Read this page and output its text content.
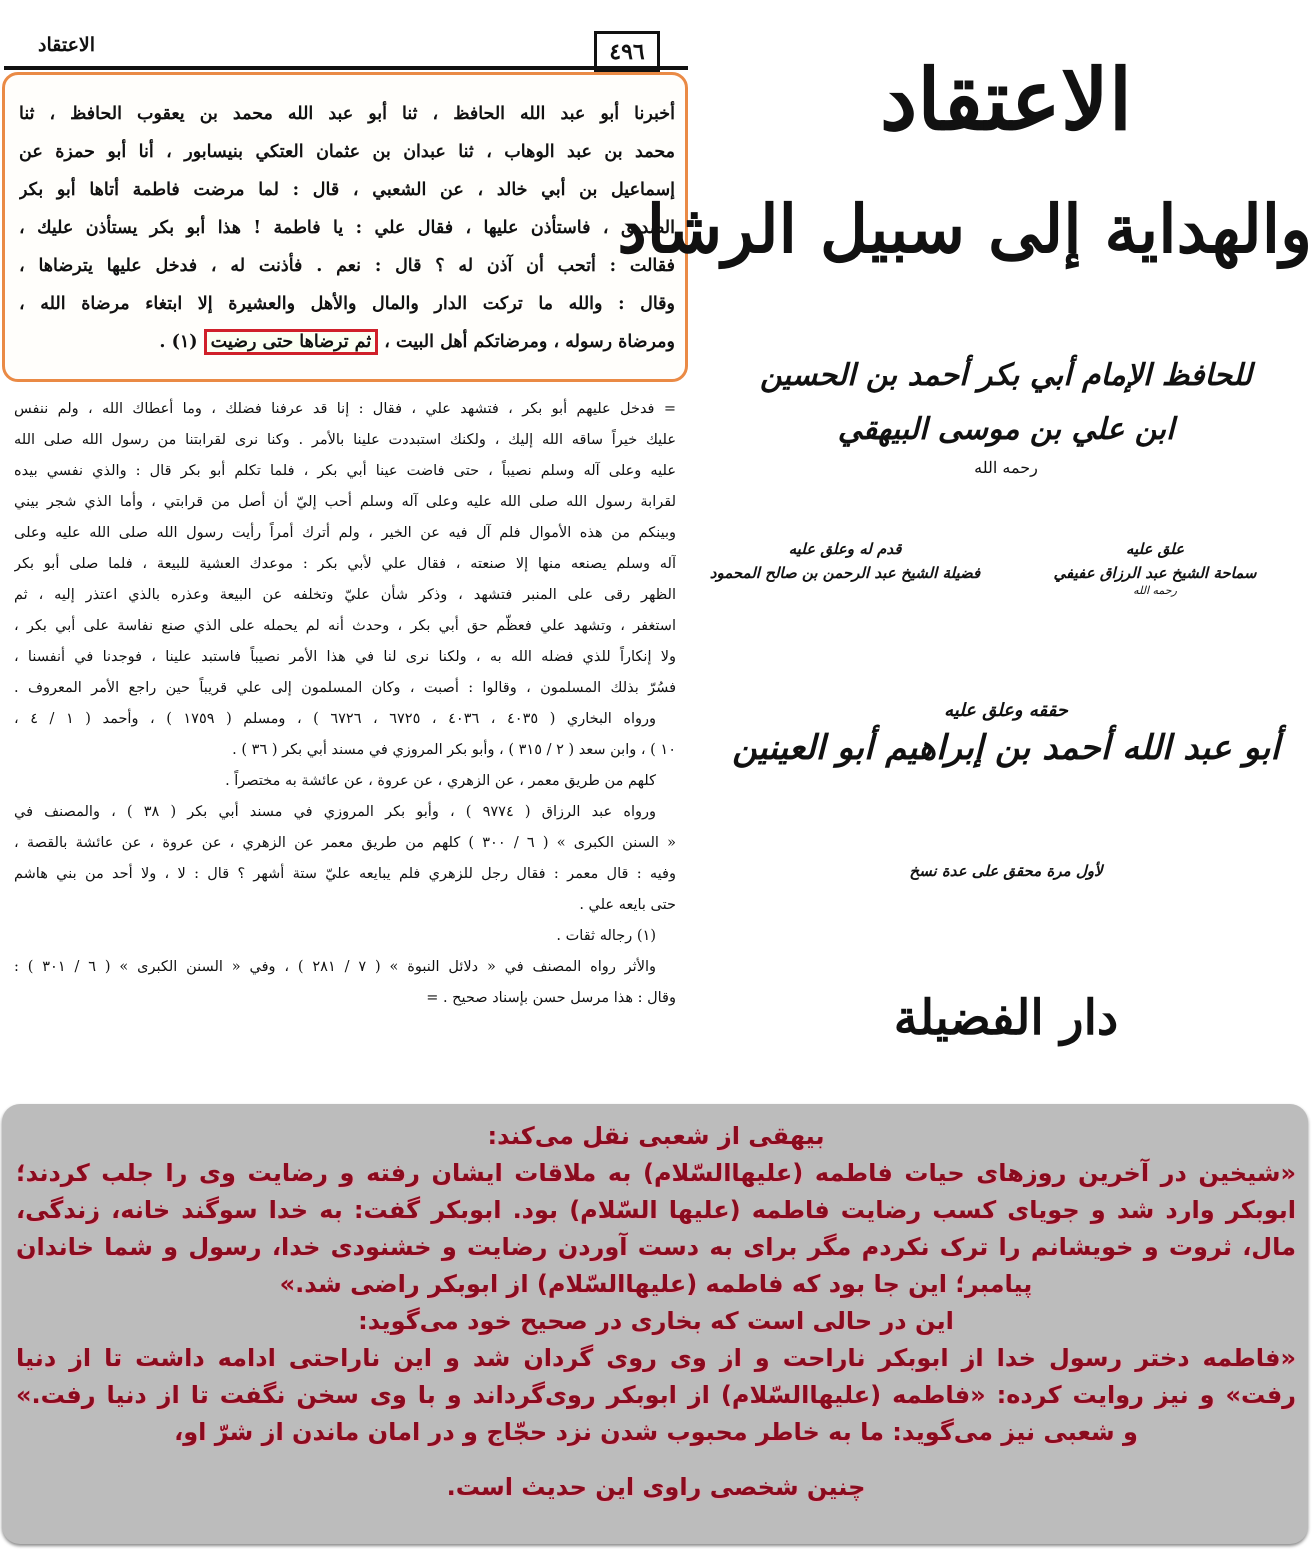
الاعتقاد	٤٩٦
أخبرنا أبو عبد الله الحافظ ، ثنا أبو عبد الله محمد بن يعقوب الحافظ ، ثنا
محمد بن عبد الوهاب ، ثنا عبدان بن عثمان العتكي بنيسابور ، أنا أبو حمزة عن
إسماعيل بن أبي خالد ، عن الشعبي ، قال : لما مرضت فاطمة أتاها أبو بكر
الصديق ، فاستأذن عليها ، فقال علي : يا فاطمة ! هذا أبو بكر يستأذن عليك ،
فقالت : أتحب أن آذن له ؟ قال : نعم . فأذنت له ، فدخل عليها يترضاها ،
وقال : والله ما تركت الدار والمال والأهل والعشيرة إلا ابتغاء مرضاة الله ،
ومرضاة رسوله ، ومرضاتكم أهل البيت ، ثم ترضاها حتى رضيت (١) .
= فدخل عليهم أبو بكر ، فتشهد علي ، فقال : إنا قد عرفنا فضلك ، وما أعطاك الله ، ولم ننفس
عليك خيراً ساقه الله إليك ، ولكنك استبددت علينا بالأمر . وكنا نرى لقرابتنا من رسول الله صلى الله
عليه وعلى آله وسلم نصيباً ، حتى فاضت عينا أبي بكر ، فلما تكلم أبو بكر قال : والذي نفسي بيده
لقرابة رسول الله صلى الله عليه وعلى آله وسلم أحب إليّ أن أصل من قرابتي ، وأما الذي شجر بيني
وبينكم من هذه الأموال فلم آل فيه عن الخير ، ولم أترك أمراً رأيت رسول الله صلى الله عليه وعلى
آله وسلم يصنعه منها إلا صنعته ، فقال علي لأبي بكر : موعدك العشية للبيعة ، فلما صلى أبو بكر
الظهر رقى على المنبر فتشهد ، وذكر شأن عليّ وتخلفه عن البيعة وعذره بالذي اعتذر إليه ، ثم
استغفر ، وتشهد علي فعظّم حق أبي بكر ، وحدث أنه لم يحمله على الذي صنع نفاسة على أبي بكر ،
ولا إنكاراً للذي فضله الله به ، ولكنا نرى لنا في هذا الأمر نصيباً فاستبد علينا ، فوجدنا في أنفسنا ،
فسُرّ بذلك المسلمون ، وقالوا : أصبت ، وكان المسلمون إلى علي قريباً حين راجع الأمر المعروف .
ورواه البخاري ( ٤٠٣٥ ، ٤٠٣٦ ، ٦٧٢٥ ، ٦٧٢٦ ) ، ومسلم ( ١٧٥٩ ) ، وأحمد ( ١ / ٤ ،
١٠ ) ، وابن سعد ( ٢ / ٣١٥ ) ، وأبو بكر المروزي في مسند أبي بكر ( ٣٦ ) .
كلهم من طريق معمر ، عن الزهري ، عن عروة ، عن عائشة به مختصراً .
ورواه عبد الرزاق ( ٩٧٧٤ ) ، وأبو بكر المروزي في مسند أبي بكر ( ٣٨ ) ، والمصنف في
« السنن الكبرى » ( ٦ / ٣٠٠ ) كلهم من طريق معمر عن الزهري ، عن عروة ، عن عائشة بالقصة ،
وفيه : قال معمر : فقال رجل للزهري فلم يبايعه عليّ ستة أشهر ؟ قال : لا ، ولا أحد من بني هاشم
حتى بايعه علي .
(١) رجاله ثقات .
والأثر رواه المصنف في « دلائل النبوة » ( ٧ / ٢٨١ ) ، وفي « السنن الكبرى » ( ٦ / ٣٠١ ) :
وقال : هذا مرسل حسن بإسناد صحيح . =
الاعتقاد
والهداية إلى سبيل الرشاد
للحافظ الإمام أبي بكر أحمد بن الحسين
ابن علي بن موسى البيهقي
رحمه الله
علق عليه
سماحة الشيخ عبد الرزاق عفيفي
رحمه الله
قدم له وعلق عليه
فضيلة الشيخ عبد الرحمن بن صالح المحمود
حققه وعلق عليه
أبو عبد الله أحمد بن إبراهيم أبو العينين
لأول مرة محقق على عدة نسخ
دار الفضيلة
بیهقی از شعبی نقل می‌کند:
«شیخین در آخرین روزهای حیات فاطمه (علیهاالسّلام) به ملاقات ایشان رفته و رضایت وی را جلب کردند؛
ابوبکر وارد شد و جویای کسب رضایت فاطمه (علیها السّلام) بود. ابوبکر گفت: به خدا سوگند خانه، زندگی،
مال، ثروت و خویشانم را ترک نکردم مگر برای به دست آوردن رضایت و خشنودی خدا، رسول و شما خاندان
پیامبر؛ این جا بود که فاطمه (علیهاالسّلام) از ابوبکر راضی شد.»
این در حالی است که بخاری در صحیح خود می‌گوید:
«فاطمه دختر رسول خدا از ابوبکر ناراحت و از وی روی گردان شد و این ناراحتی ادامه داشت تا از دنیا
رفت» و نیز روایت کرده: «فاطمه (علیهاالسّلام) از ابوبکر روی‌گرداند و با وی سخن نگفت تا از دنیا رفت.»
و شعبی نیز می‌گوید: ما به خاطر محبوب شدن نزد حجّاج و در امان ماندن از شرّ او،
چنین شخصی راوی این حدیث است.
